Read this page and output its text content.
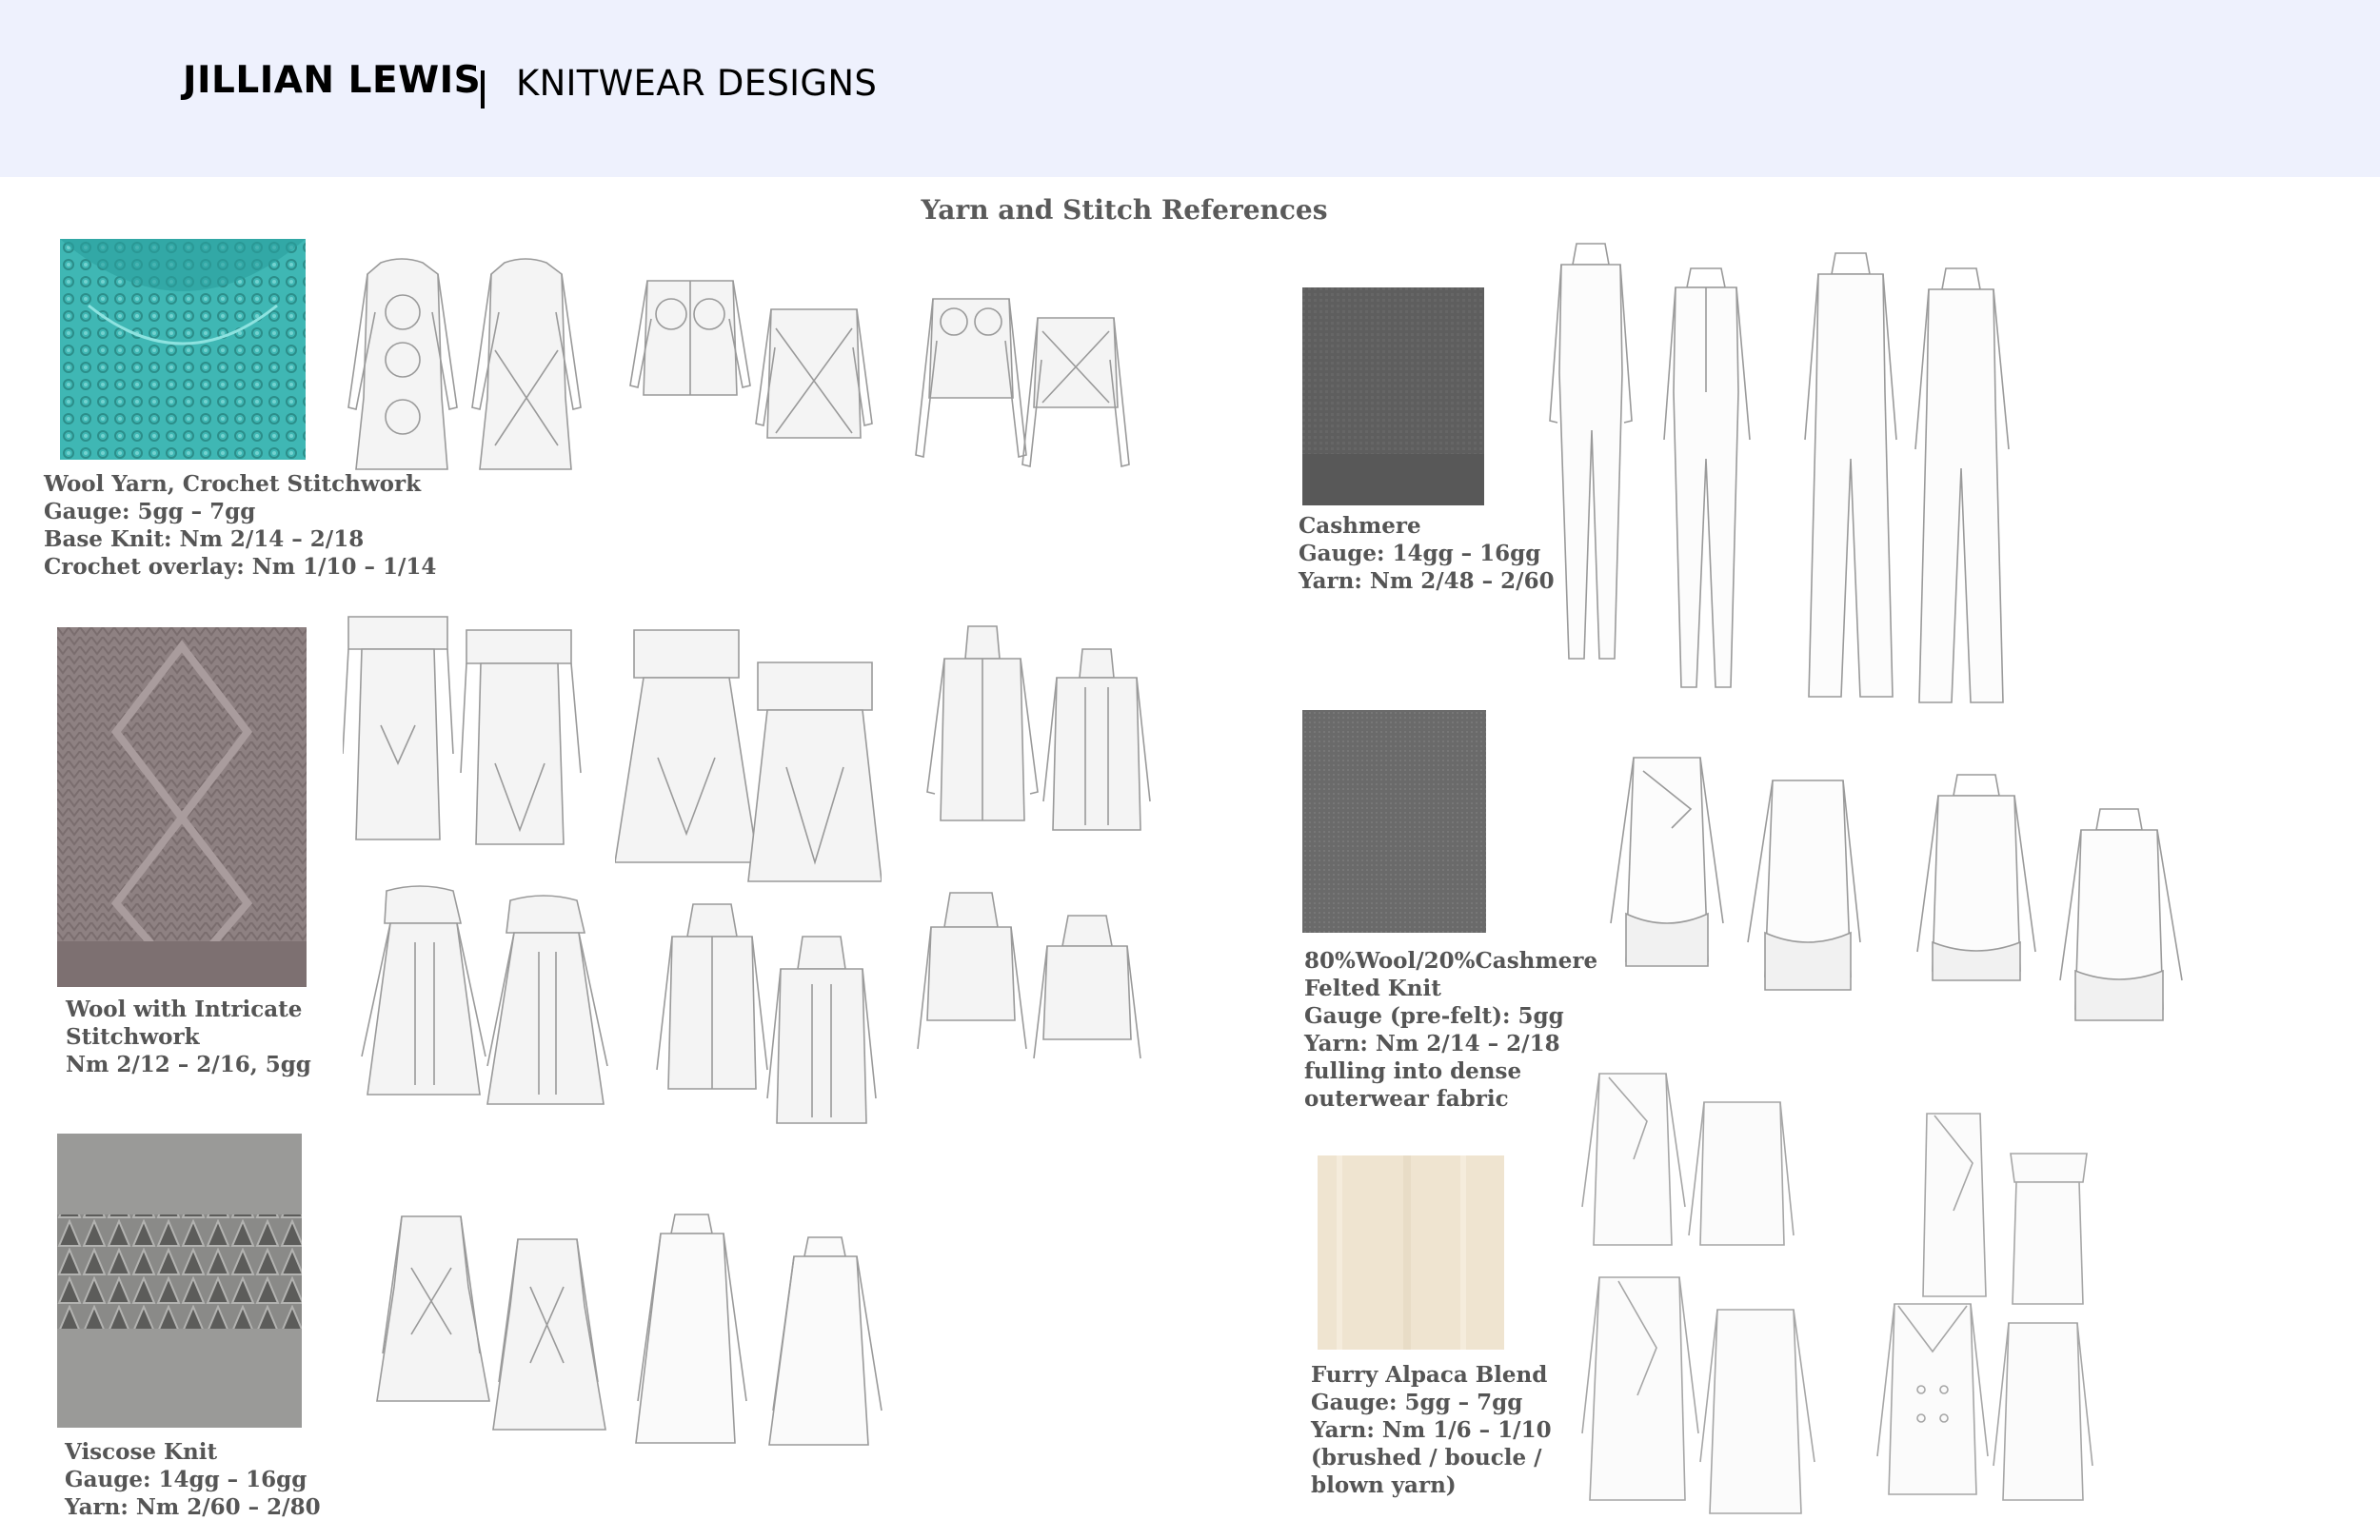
JILLIAN LEWIS KNITWEAR DESIGNS
Yarn and Stitch References
Wool Yarn, Crochet Stitchwork
Gauge: 5gg – 7gg
Base Knit: Nm 2/14 – 2/18
Crochet overlay: Nm 1/10 – 1/14
Wool with Intricate
Stitchwork
Nm 2/12 – 2/16, 5gg
Viscose Knit
Gauge: 14gg – 16gg
Yarn: Nm 2/60 – 2/80
Cashmere
Gauge: 14gg – 16gg
Yarn: Nm 2/48 – 2/60
80%Wool/20%Cashmere
Felted Knit
Gauge (pre-felt): 5gg
Yarn: Nm 2/14 – 2/18
fulling into dense
outerwear fabric
Furry Alpaca Blend
Gauge: 5gg – 7gg
Yarn: Nm 1/6 – 1/10
(brushed / boucle /
blown yarn)
